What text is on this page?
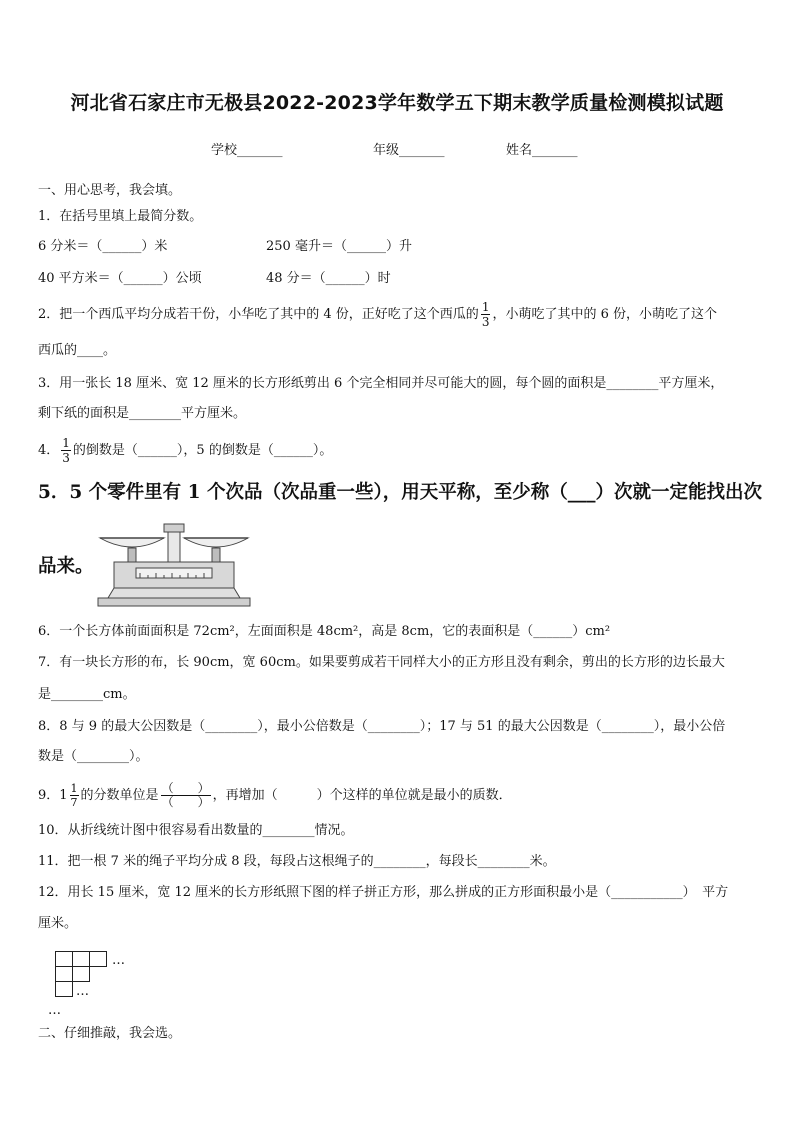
河北省石家庄市无极县2022-2023学年数学五下期末教学质量检测模拟试题
学校_______	年级_______	姓名_______
一、用心思考，我会填。
1．在括号里填上最简分数。
6 分米＝（______）米	250 毫升＝（______）升
40 平方米＝（______）公顷	48 分＝（______）时
2．把一个西瓜平均分成若干份，小华吃了其中的 4 份，正好吃了这个西瓜的 $\frac{1}{3}$ ，小萌吃了其中的 6 份，小萌吃了这个
西瓜的____。
3．用一张长 18 厘米、宽 12 厘米的长方形纸剪出 6 个完全相同并尽可能大的圆，每个圆的面积是________平方厘米，
剩下纸的面积是________平方厘米。
4． $\frac{1}{3}$ 的倒数是（______），5 的倒数是（______）。
5．5 个零件里有 1 个次品（次品重一些），用天平称，至少称（___）次就一定能找出次
品来。
6．一个长方体前面面积是 72cm²，左面面积是 48cm²，高是 8cm，它的表面积是（______）cm²
7．有一块长方形的布，长 90cm，宽 60cm。如果要剪成若干同样大小的正方形且没有剩余，剪出的长方形的边长最大
是________cm。
8．8 与 9 的最大公因数是（________），最小公倍数是（________）；17 与 51 的最大公因数是（________），最小公倍
数是（________）。
9．$1 \frac{1}{7}$ 的分数单位是 $\frac{( )}{( )}$ ，再增加（　　　）个这样的单位就是最小的质数．
10．从折线统计图中很容易看出数量的________情况。
11．把一根 7 米的绳子平均分成 8 段，每段占这根绳子的________，每段长________米。
12．用长 15 厘米，宽 12 厘米的长方形纸照下图的样子拼正方形，那么拼成的正方形面积最小是（___________）　平方
厘米。
…
…
…
二、仔细推敲，我会选。
